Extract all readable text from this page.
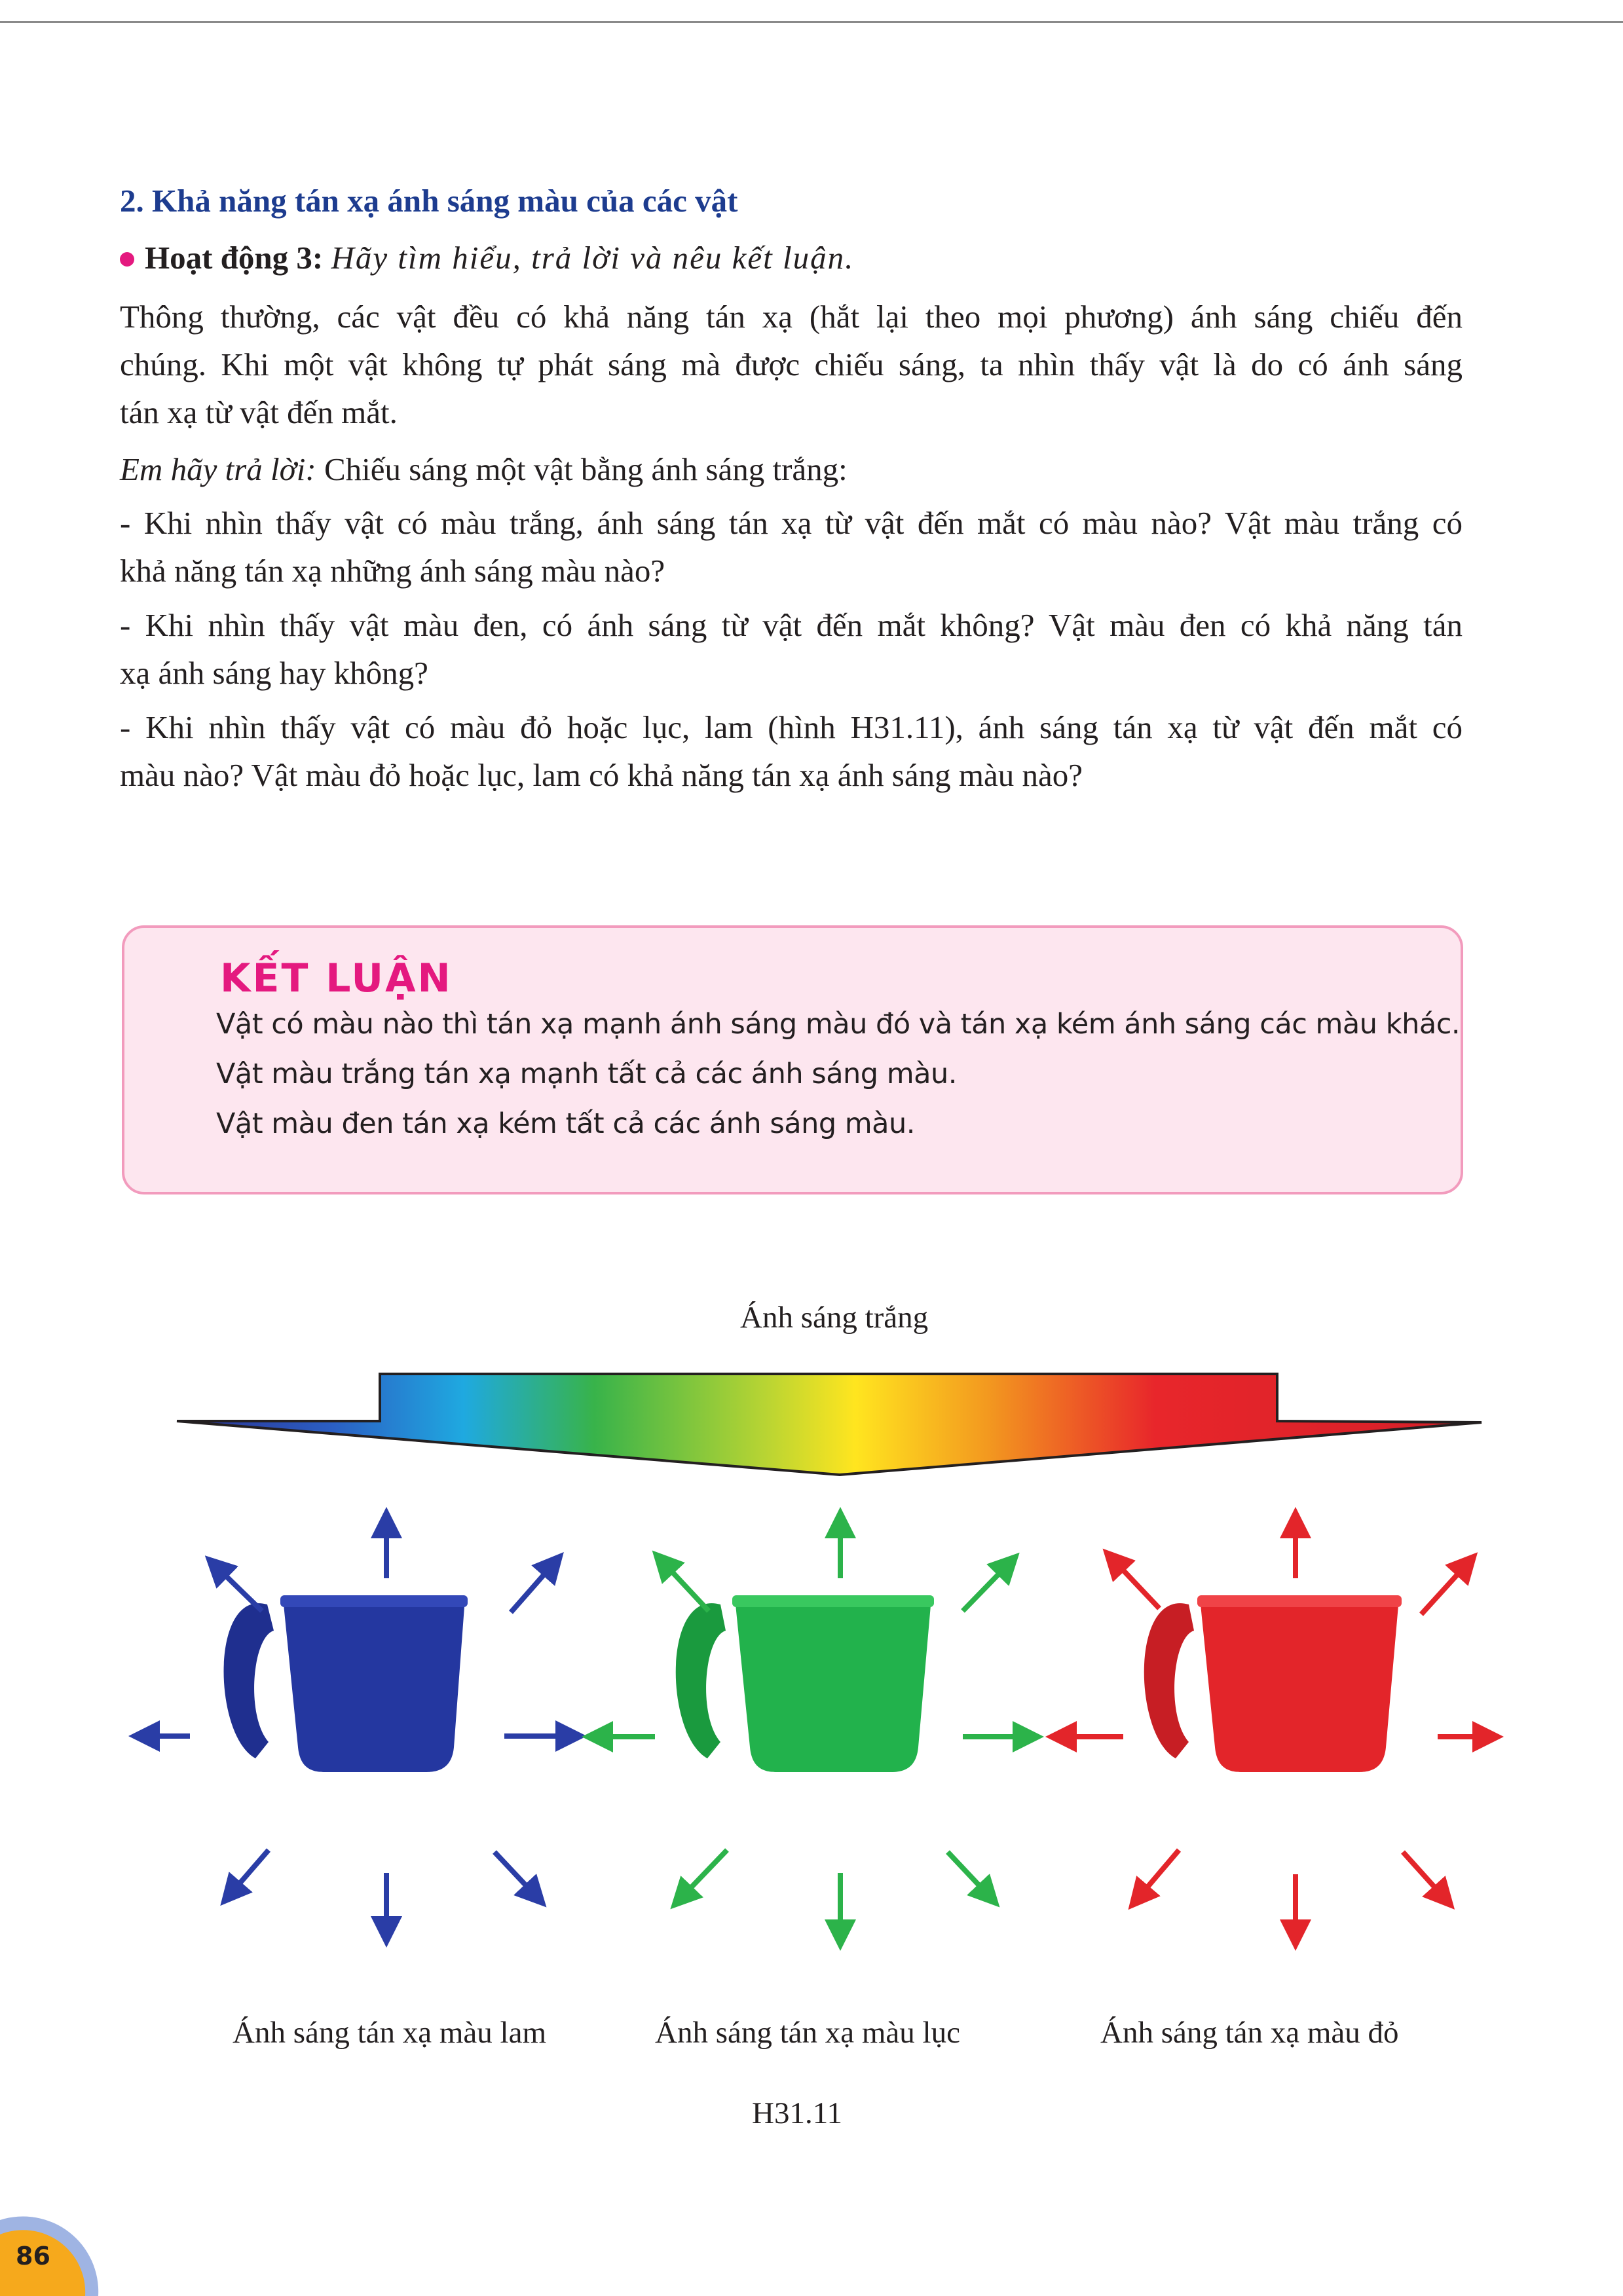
2. Khả năng tán xạ ánh sáng màu của các vật
Hoạt động 3: Hãy tìm hiểu, trả lời và nêu kết luận.

Thông thường, các vật đều có khả năng tán xạ (hắt lại theo mọi phương) ánh sáng chiếu đến
chúng. Khi một vật không tự phát sáng mà được chiếu sáng, ta nhìn thấy vật là do có ánh sáng
tán xạ từ vật đến mắt.

Em hãy trả lời: Chiếu sáng một vật bằng ánh sáng trắng:

- Khi nhìn thấy vật có màu trắng, ánh sáng tán xạ từ vật đến mắt có màu nào? Vật màu trắng có
khả năng tán xạ những ánh sáng màu nào?

- Khi nhìn thấy vật màu đen, có ánh sáng từ vật đến mắt không? Vật màu đen có khả năng tán
xạ ánh sáng hay không?

- Khi nhìn thấy vật có màu đỏ hoặc lục, lam (hình H31.11), ánh sáng tán xạ từ vật đến mắt có
màu nào? Vật màu đỏ hoặc lục, lam có khả năng tán xạ ánh sáng màu nào?

KẾT LUẬN
Vật có màu nào thì tán xạ mạnh ánh sáng màu đó và tán xạ kém ánh sáng các màu khác.
Vật màu trắng tán xạ mạnh tất cả các ánh sáng màu.
Vật màu đen tán xạ kém tất cả các ánh sáng màu.
Ánh sáng trắng
Ánh sáng tán xạ màu lam	Ánh sáng tán xạ màu lục	Ánh sáng tán xạ màu đỏ
H31.11
86
